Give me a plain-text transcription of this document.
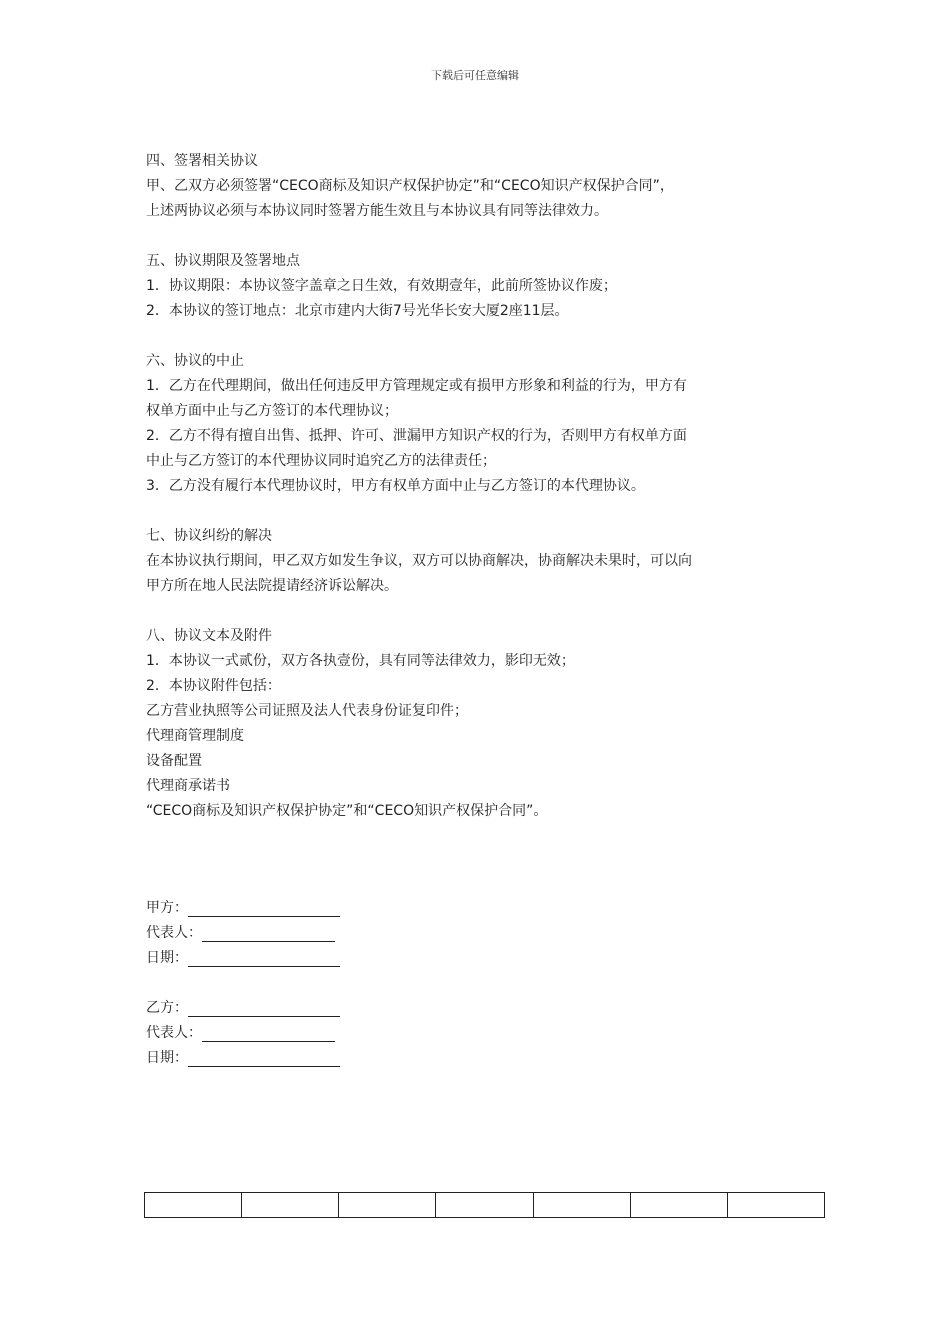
下载后可任意编辑
四、签署相关协议
甲、乙双方必须签署“CECO商标及知识产权保护协定”和“CECO知识产权保护合同”，
上述两协议必须与本协议同时签署方能生效且与本协议具有同等法律效力。
五、协议期限及签署地点
1．协议期限：本协议签字盖章之日生效，有效期壹年，此前所签协议作废；
2．本协议的签订地点：北京市建内大街7号光华长安大厦2座11层。
六、协议的中止
1．乙方在代理期间，做出任何违反甲方管理规定或有损甲方形象和利益的行为，甲方有
权单方面中止与乙方签订的本代理协议；
2．乙方不得有擅自出售、抵押、许可、泄漏甲方知识产权的行为，否则甲方有权单方面
中止与乙方签订的本代理协议同时追究乙方的法律责任；
3．乙方没有履行本代理协议时，甲方有权单方面中止与乙方签订的本代理协议。
七、协议纠纷的解决
在本协议执行期间，甲乙双方如发生争议，双方可以协商解决，协商解决未果时，可以向
甲方所在地人民法院提请经济诉讼解决。
八、协议文本及附件
1．本协议一式贰份，双方各执壹份，具有同等法律效力，影印无效；
2．本协议附件包括：
乙方营业执照等公司证照及法人代表身份证复印件；
代理商管理制度
设备配置
代理商承诺书
“CECO商标及知识产权保护协定”和“CECO知识产权保护合同”。
甲方：
代表人：
日期：
乙方：
代表人：
日期：
